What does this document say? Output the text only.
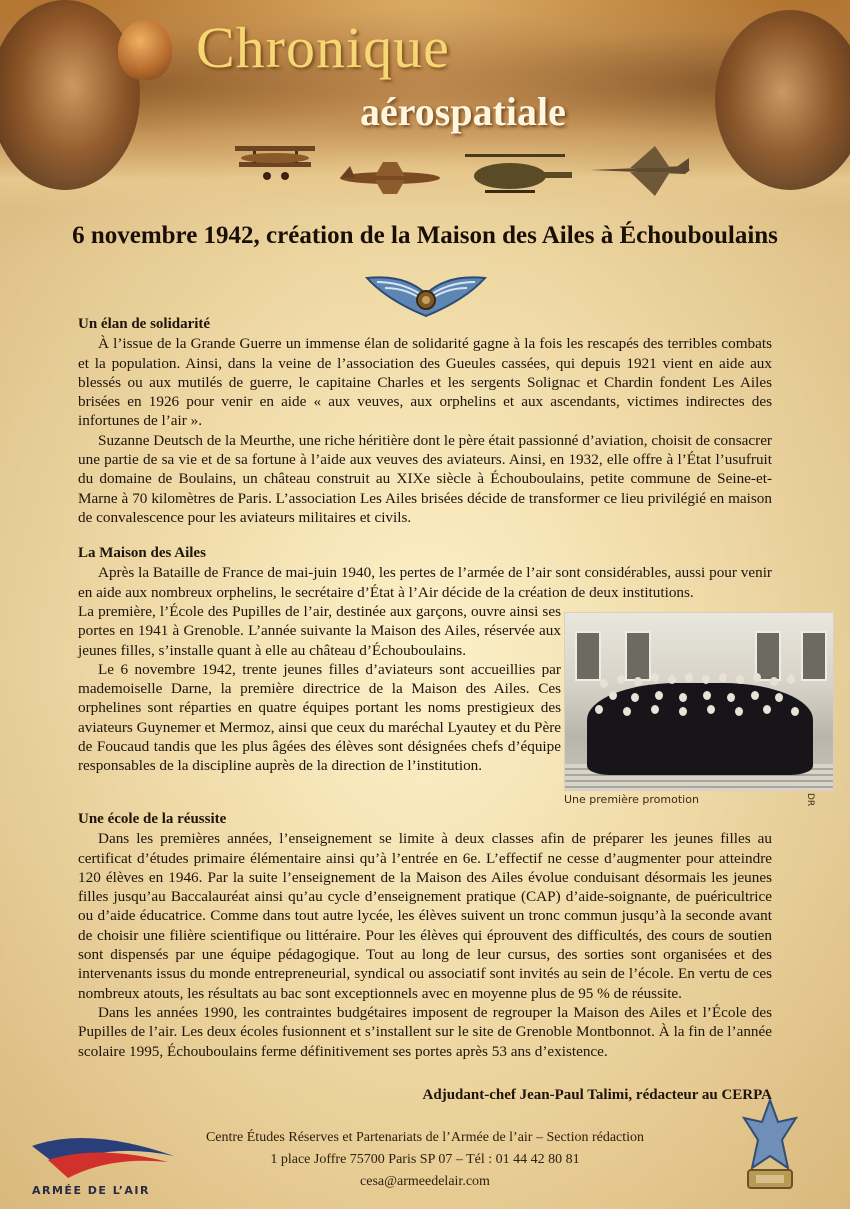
Chronique
aérospatiale
6 novembre 1942, création de la Maison des Ailes à Échouboulains

Un élan de solidarité

À l’issue de la Grande Guerre un immense élan de solidarité gagne à la fois les rescapés des terribles combats et la population. Ainsi, dans la veine de l’association des Gueules cassées, qui depuis 1921 vient en aide aux blessés ou aux mutilés de guerre, le capitaine Charles et les sergents Solignac et Chardin fondent Les Ailes brisées en 1926 pour venir en aide « aux veuves, aux orphelins et aux ascendants, victimes indirectes des infortunes de l’air ».

Suzanne Deutsch de la Meurthe, une riche héritière dont le père était passionné d’aviation, choisit de consacrer une partie de sa vie et de sa fortune à l’aide aux veuves des aviateurs. Ainsi, en 1932, elle offre à l’État l’usufruit du domaine de Boulains, un château construit au XIXe siècle à Échouboulains, petite commune de Seine-et-Marne à 70 kilomètres de Paris. L’association Les Ailes brisées décide de transformer ce lieu privilégié en maison de convalescence pour les aviateurs militaires et civils.

La Maison des Ailes

Après la Bataille de France de mai-juin 1940, les pertes de l’armée de l’air sont considérables, aussi pour venir en aide aux nombreux orphelins, le secrétaire d’État à l’Air décide de la création de deux institutions.

La première, l’École des Pupilles de l’air, destinée aux garçons, ouvre ainsi ses portes en 1941 à Grenoble. L’année suivante la Maison des Ailes, réservée aux jeunes filles, s’installe quant à elle au château d’Échouboulains.

Le 6 novembre 1942, trente jeunes filles d’aviateurs sont accueillies par mademoiselle Darne, la première directrice de la Maison des Ailes. Ces orphelines sont réparties en quatre équipes portant les noms prestigieux des aviateurs Guynemer et Mermoz, ainsi que ceux du maréchal Lyautey et du Père de Foucaud tandis que les plus âgées des élèves sont désignées chefs d’équipe responsables de la discipline auprès de la direction de l’institution.

Une première promotion	DR

Une école de la réussite

Dans les premières années, l’enseignement se limite à deux classes afin de préparer les jeunes filles au certificat d’études primaire élémentaire ainsi qu’à l’entrée en 6e. L’effectif ne cesse d’augmenter pour atteindre 120 élèves en 1946. Par la suite l’enseignement de la Maison des Ailes évolue conduisant désormais les jeunes filles jusqu’au Baccalauréat ainsi qu’au cycle d’enseignement pratique (CAP) d’aide-soignante, de puéricultrice ou d’aide éducatrice. Comme dans tout autre lycée, les élèves suivent un tronc commun jusqu’à la seconde avant de choisir une filière scientifique ou littéraire. Pour les élèves qui éprouvent des difficultés, des cours de soutien sont dispensés par une équipe pédagogique. Tout au long de leur cursus, des sorties sont organisées et des intervenants issus du monde entrepreneurial, syndical ou associatif sont invités au sein de l’école. En vertu de ces nombreux atouts, les résultats au bac sont exceptionnels avec en moyenne plus de 95 % de réussite.

Dans les années 1990, les contraintes budgétaires imposent de regrouper la Maison des Ailes et l’École des Pupilles de l’air. Les deux écoles fusionnent et s’installent sur le site de Grenoble Montbonnot. À la fin de l’année scolaire 1995, Échouboulains ferme définitivement ses portes après 53 ans d’existence.

Adjudant-chef Jean-Paul Talimi, rédacteur au CERPA

ARMÉE DE L’AIR

Centre Études Réserves et Partenariats de l’Armée de l’air – Section rédaction
1 place Joffre 75700 Paris SP 07 – Tél : 01 44 42 80 81
cesa@armeedelair.com
